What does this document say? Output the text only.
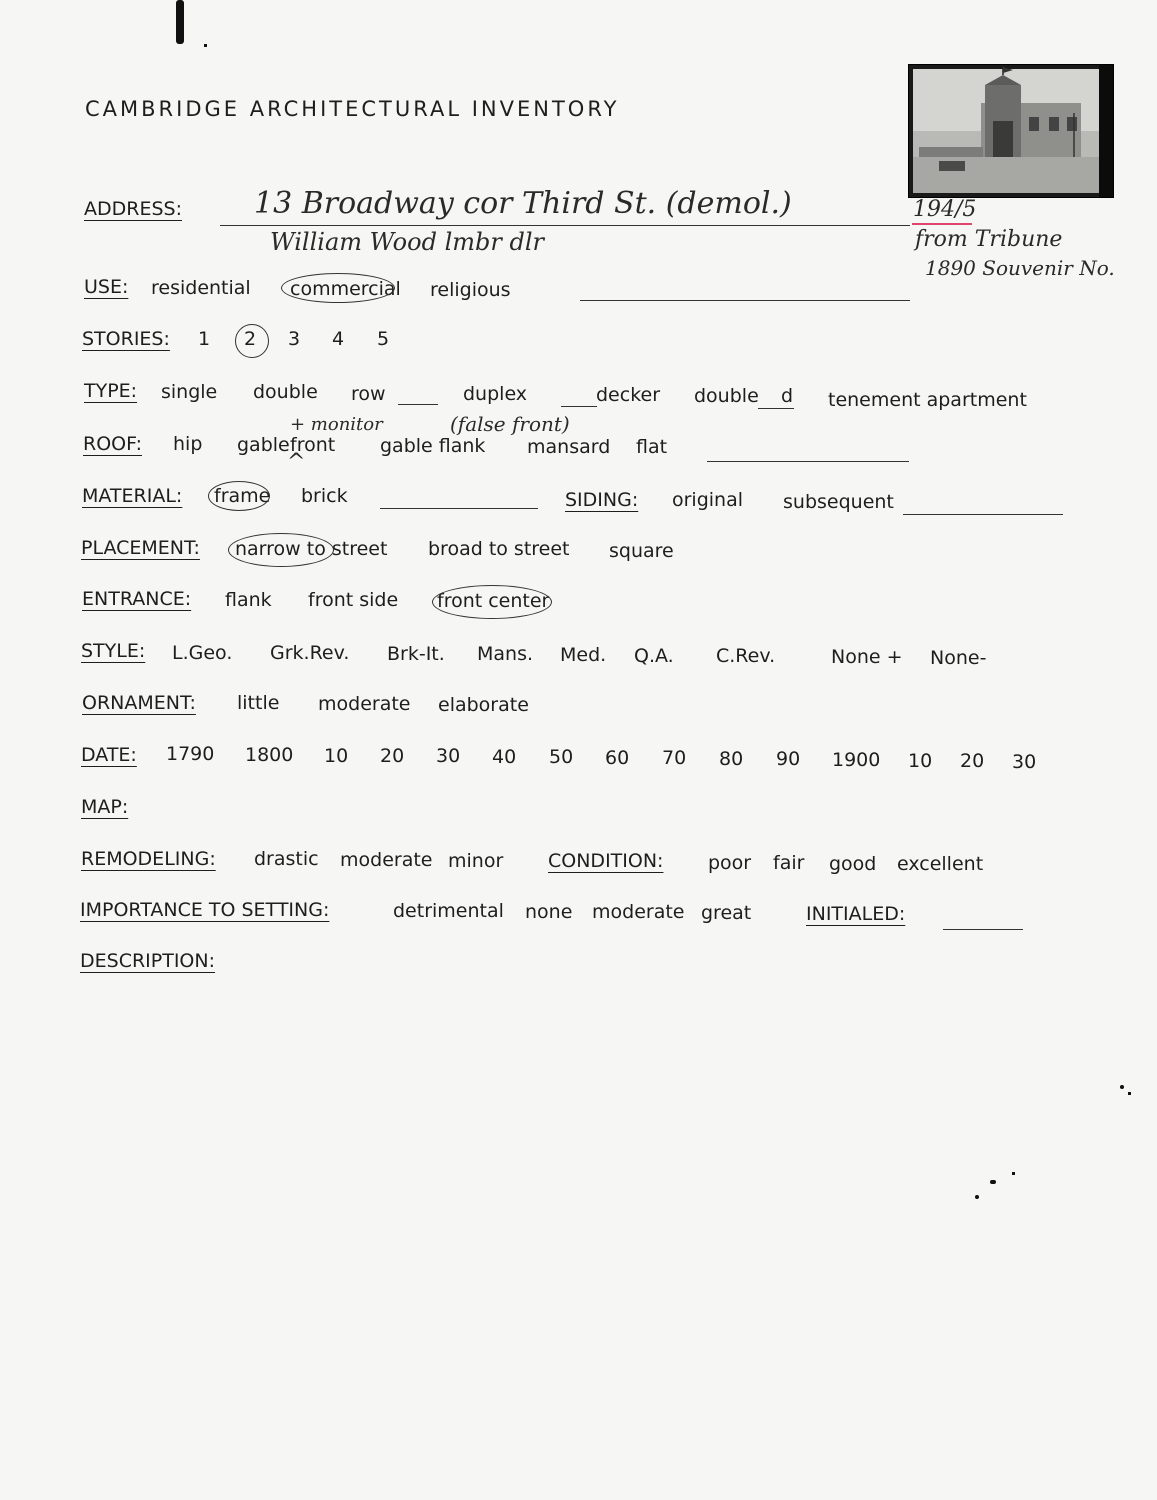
CAMBRIDGE ARCHITECTURAL INVENTORY
ADDRESS: 13 Broadway cor Third St. (demol.)
William Wood lmbr dlr
194/5
from Tribune
1890 Souvenir No.
USE: residential commercial religious
STORIES: 1 2 3 4 5
TYPE: single double row	duplex	decker double d tenement apartment
+ monitor	(false front)
ROOF: hip gable front
^
gable flank mansard flat
MATERIAL: frame brick	SIDING: original subsequent
PLACEMENT: narrow to street broad to street square
ENTRANCE: flank front side front center
STYLE: L.Geo. Grk.Rev. Brk-It. Mans. Med. Q.A. C.Rev.	None + None-
ORNAMENT: little moderate elaborate
DATE: 1790 1800 10 20 30 40 50 60 70 80 90 1900 10 20 30
MAP:
REMODELING: drastic moderate minor CONDITION: poor fair good excellent
IMPORTANCE TO SETTING:	detrimental none moderate great	INITIALED:
DESCRIPTION:
